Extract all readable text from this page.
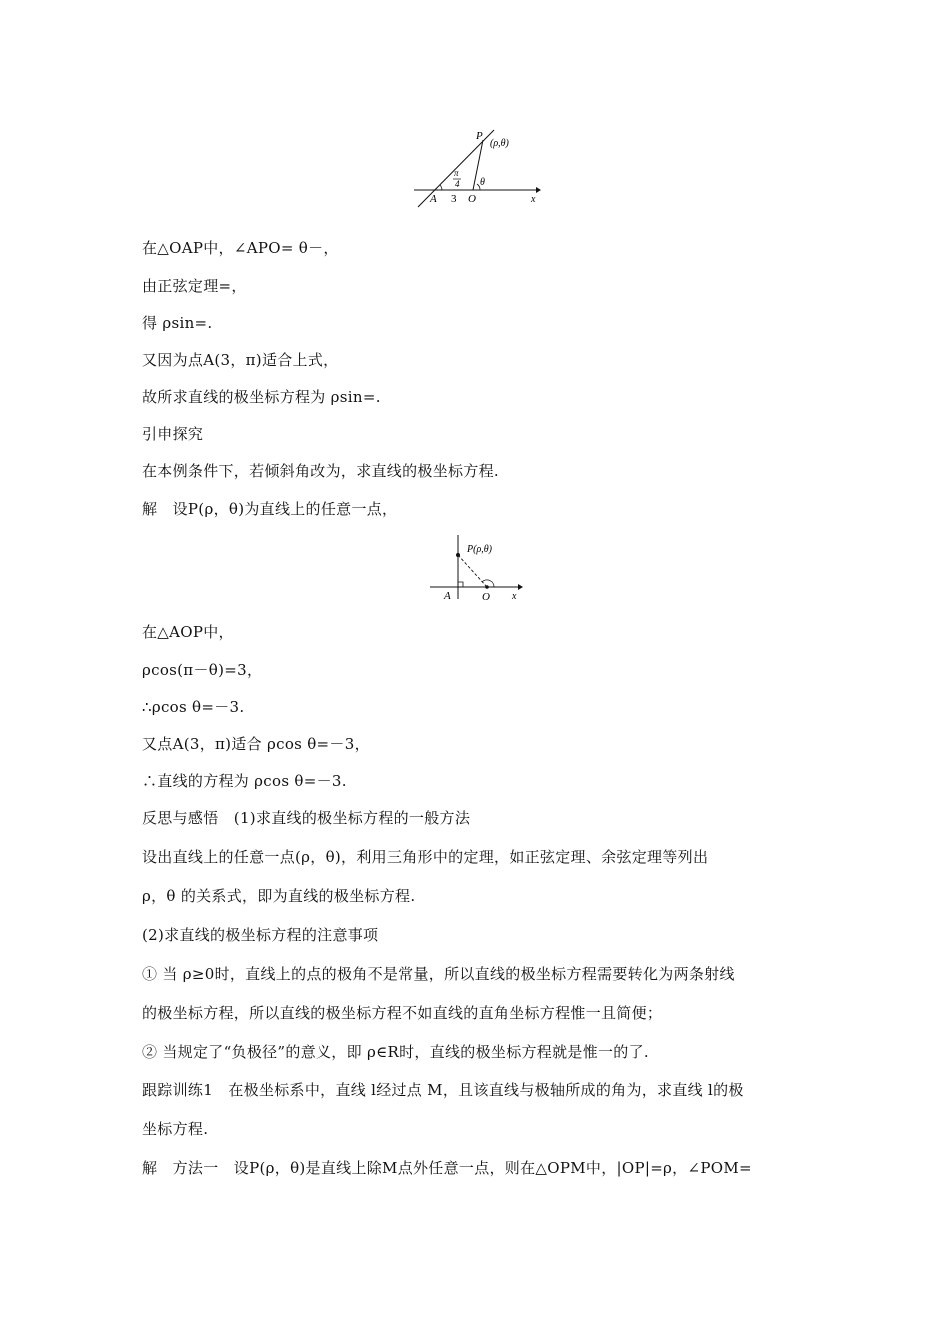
P
(ρ,θ)
π
4 θ
A 3 O	x
P(ρ,θ)
A	O x
在△OAP中，∠APO= θ－，
由正弦定理=，
得 ρsin=.
又因为点A(3，π)适合上式，
故所求直线的极坐标方程为 ρsin=.
引申探究
在本例条件下，若倾斜角改为，求直线的极坐标方程.
解　设P(ρ，θ)为直线上的任意一点，
在△AOP中，
ρcos(π－θ)=3，
∴ρcos θ=－3.
又点A(3，π)适合 ρcos θ=－3，
∴直线的方程为 ρcos θ=－3.
反思与感悟　(1)求直线的极坐标方程的一般方法
设出直线上的任意一点(ρ，θ)，利用三角形中的定理，如正弦定理、余弦定理等列出
ρ，θ 的关系式，即为直线的极坐标方程.
(2)求直线的极坐标方程的注意事项
① 当 ρ≥0时，直线上的点的极角不是常量，所以直线的极坐标方程需要转化为两条射线
的极坐标方程，所以直线的极坐标方程不如直线的直角坐标方程惟一且简便；
② 当规定了“负极径”的意义，即 ρ∈R时，直线的极坐标方程就是惟一的了.
跟踪训练1　在极坐标系中，直线 l经过点 M，且该直线与极轴所成的角为，求直线 l的极
坐标方程.
解　方法一　设P(ρ，θ)是直线上除M点外任意一点，则在△OPM中，|OP|=ρ，∠POM=
